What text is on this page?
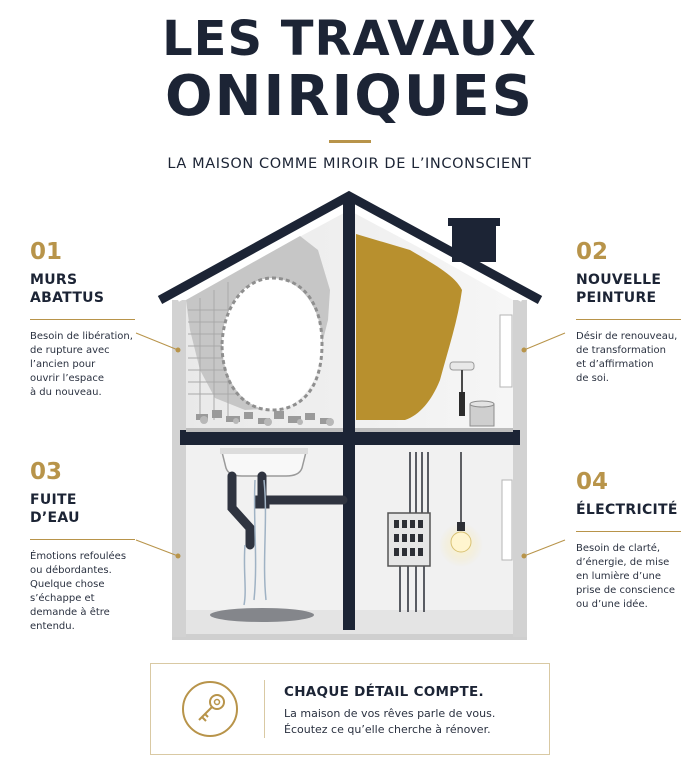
LES TRAVAUX
ONIRIQUES
LA MAISON COMME MIROIR DE L’INCONSCIENT
01
MURS
ABATTUS
Besoin de libération,
de rupture avec
l’ancien pour
ouvrir l’espace
à du nouveau.
02
NOUVELLE
PEINTURE
Désir de renouveau,
de transformation
et d’affirmation
de soi.
03
FUITE
D’EAU
Émotions refoulées
ou débordantes.
Quelque chose
s’échappe et
demande à être
entendu.
04
ÉLECTRICITÉ
Besoin de clarté,
d’énergie, de mise
en lumière d’une
prise de conscience
ou d’une idée.
CHAQUE DÉTAIL COMPTE.
La maison de vos rêves parle de vous.
Écoutez ce qu’elle cherche à rénover.
